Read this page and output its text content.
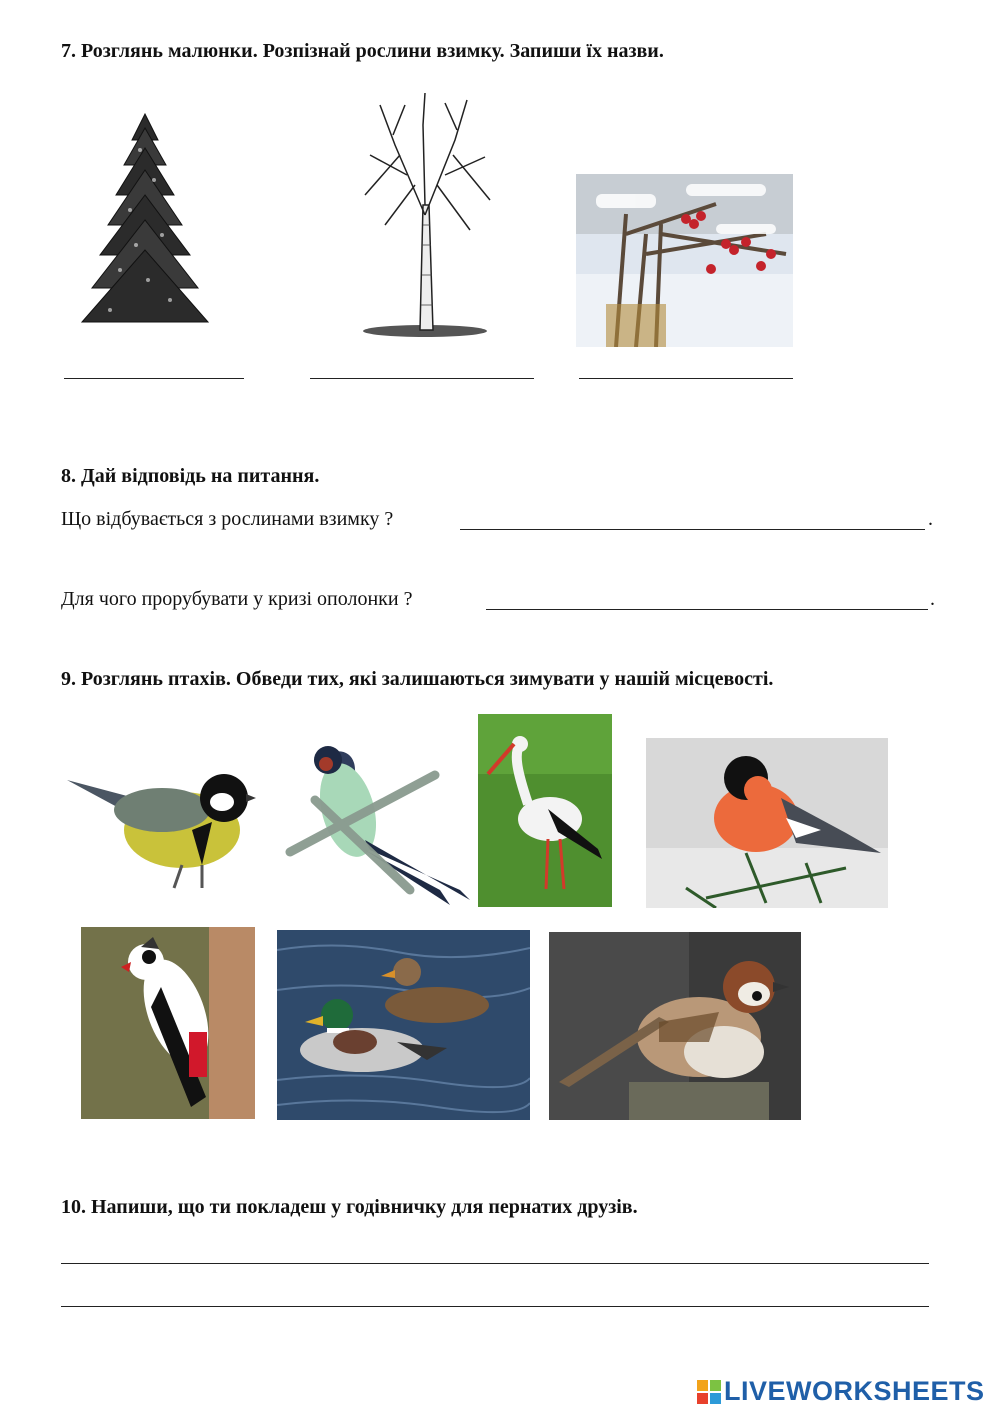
7. Розглянь малюнки. Розпізнай рослини взимку. Запиши їх назви.
8. Дай відповідь на питання.
Що відбувається з рослинами взимку ?	.
Для чого прорубувати у кризі ополонки ?	.
9. Розглянь птахів. Обведи тих, які залишаються зимувати у нашій місцевості.
10. Напиши, що ти покладеш у годівничку для пернатих друзів.
LIVEWORKSHEETS
